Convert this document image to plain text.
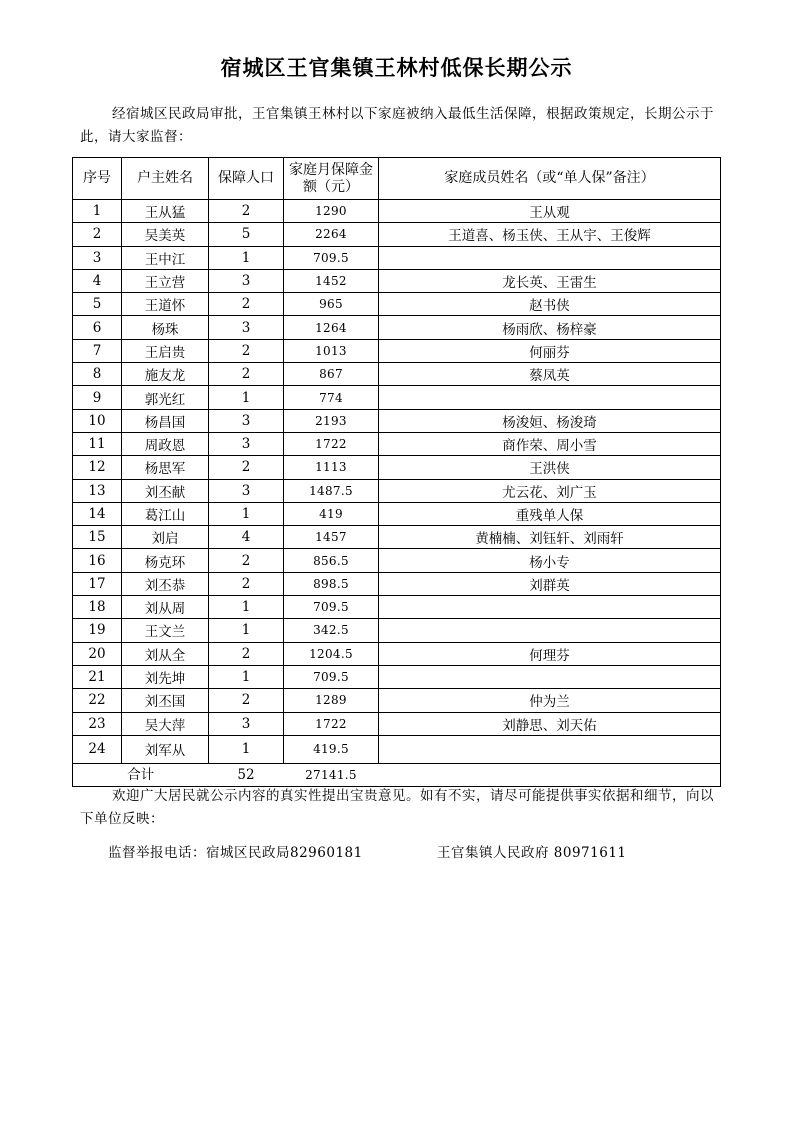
宿城区王官集镇王林村低保长期公示
经宿城区民政局审批，王官集镇王林村以下家庭被纳入最低生活保障，根据政策规定，长期公示于此，请大家监督：
序号	户主姓名	保障人口	家庭月保障金额（元）	家庭成员姓名（或“单人保”备注）
1	王从猛	2	1290	王从观
2	吴美英	5	2264	王道喜、杨玉侠、王从宇、王俊辉
3	王中江	1	709.5	
4	王立营	3	1452	龙长英、王雷生
5	王道怀	2	965	赵书侠
6	杨珠	3	1264	杨雨欣、杨梓豪
7	王启贵	2	1013	何丽芬
8	施友龙	2	867	蔡凤英
9	郭光红	1	774	
10	杨昌国	3	2193	杨浚姮、杨浚琦
11	周政恩	3	1722	商作荣、周小雪
12	杨思军	2	1113	王洪侠
13	刘丕献	3	1487.5	尤云花、刘广玉
14	葛江山	1	419	重残单人保
15	刘启	4	1457	黄楠楠、刘钰轩、刘雨轩
16	杨克环	2	856.5	杨小专
17	刘丕恭	2	898.5	刘群英
18	刘从周	1	709.5	
19	王文兰	1	342.5	
20	刘从全	2	1204.5	何理芬
21	刘先坤	1	709.5	
22	刘丕国	2	1289	仲为兰
23	吴大萍	3	1722	刘静思、刘天佑
24	刘军从	1	419.5	
合计		52	27141.5	
欢迎广大居民就公示内容的真实性提出宝贵意见。如有不实，请尽可能提供事实依据和细节，向以下单位反映：
监督举报电话：宿城区民政局82960181	王官集镇人民政府 80971611
